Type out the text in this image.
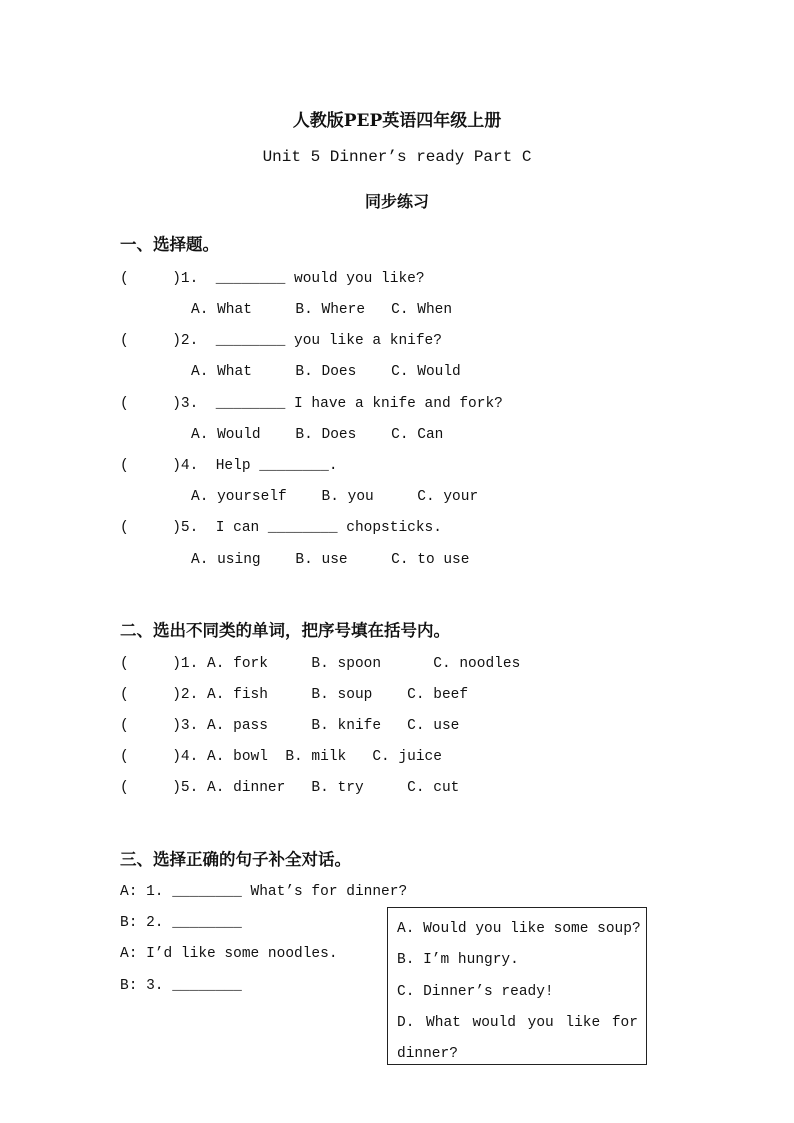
人教版PEP英语四年级上册
Unit 5 Dinner’s ready Part C
同步练习
一、选择题。
(     )1.  ________ would you like?
A. What     B. Where   C. When
(     )2.  ________ you like a knife?
A. What     B. Does    C. Would
(     )3.  ________ I have a knife and fork?
A. Would    B. Does    C. Can
(     )4.  Help ________.
A. yourself    B. you     C. your
(     )5.  I can ________ chopsticks.
A. using    B. use     C. to use
二、选出不同类的单词，把序号填在括号内。
(     )1. A. fork     B. spoon      C. noodles
(     )2. A. fish     B. soup    C. beef
(     )3. A. pass     B. knife   C. use
(     )4. A. bowl  B. milk   C. juice
(     )5. A. dinner   B. try     C. cut
三、选择正确的句子补全对话。
A: 1. ________ What’s for dinner?
B: 2. ________
A: I’d like some noodles.
B: 3. ________
A. Would you like some soup?
B. I’m hungry.
C. Dinner’s ready!
D. What would you like for
dinner?
